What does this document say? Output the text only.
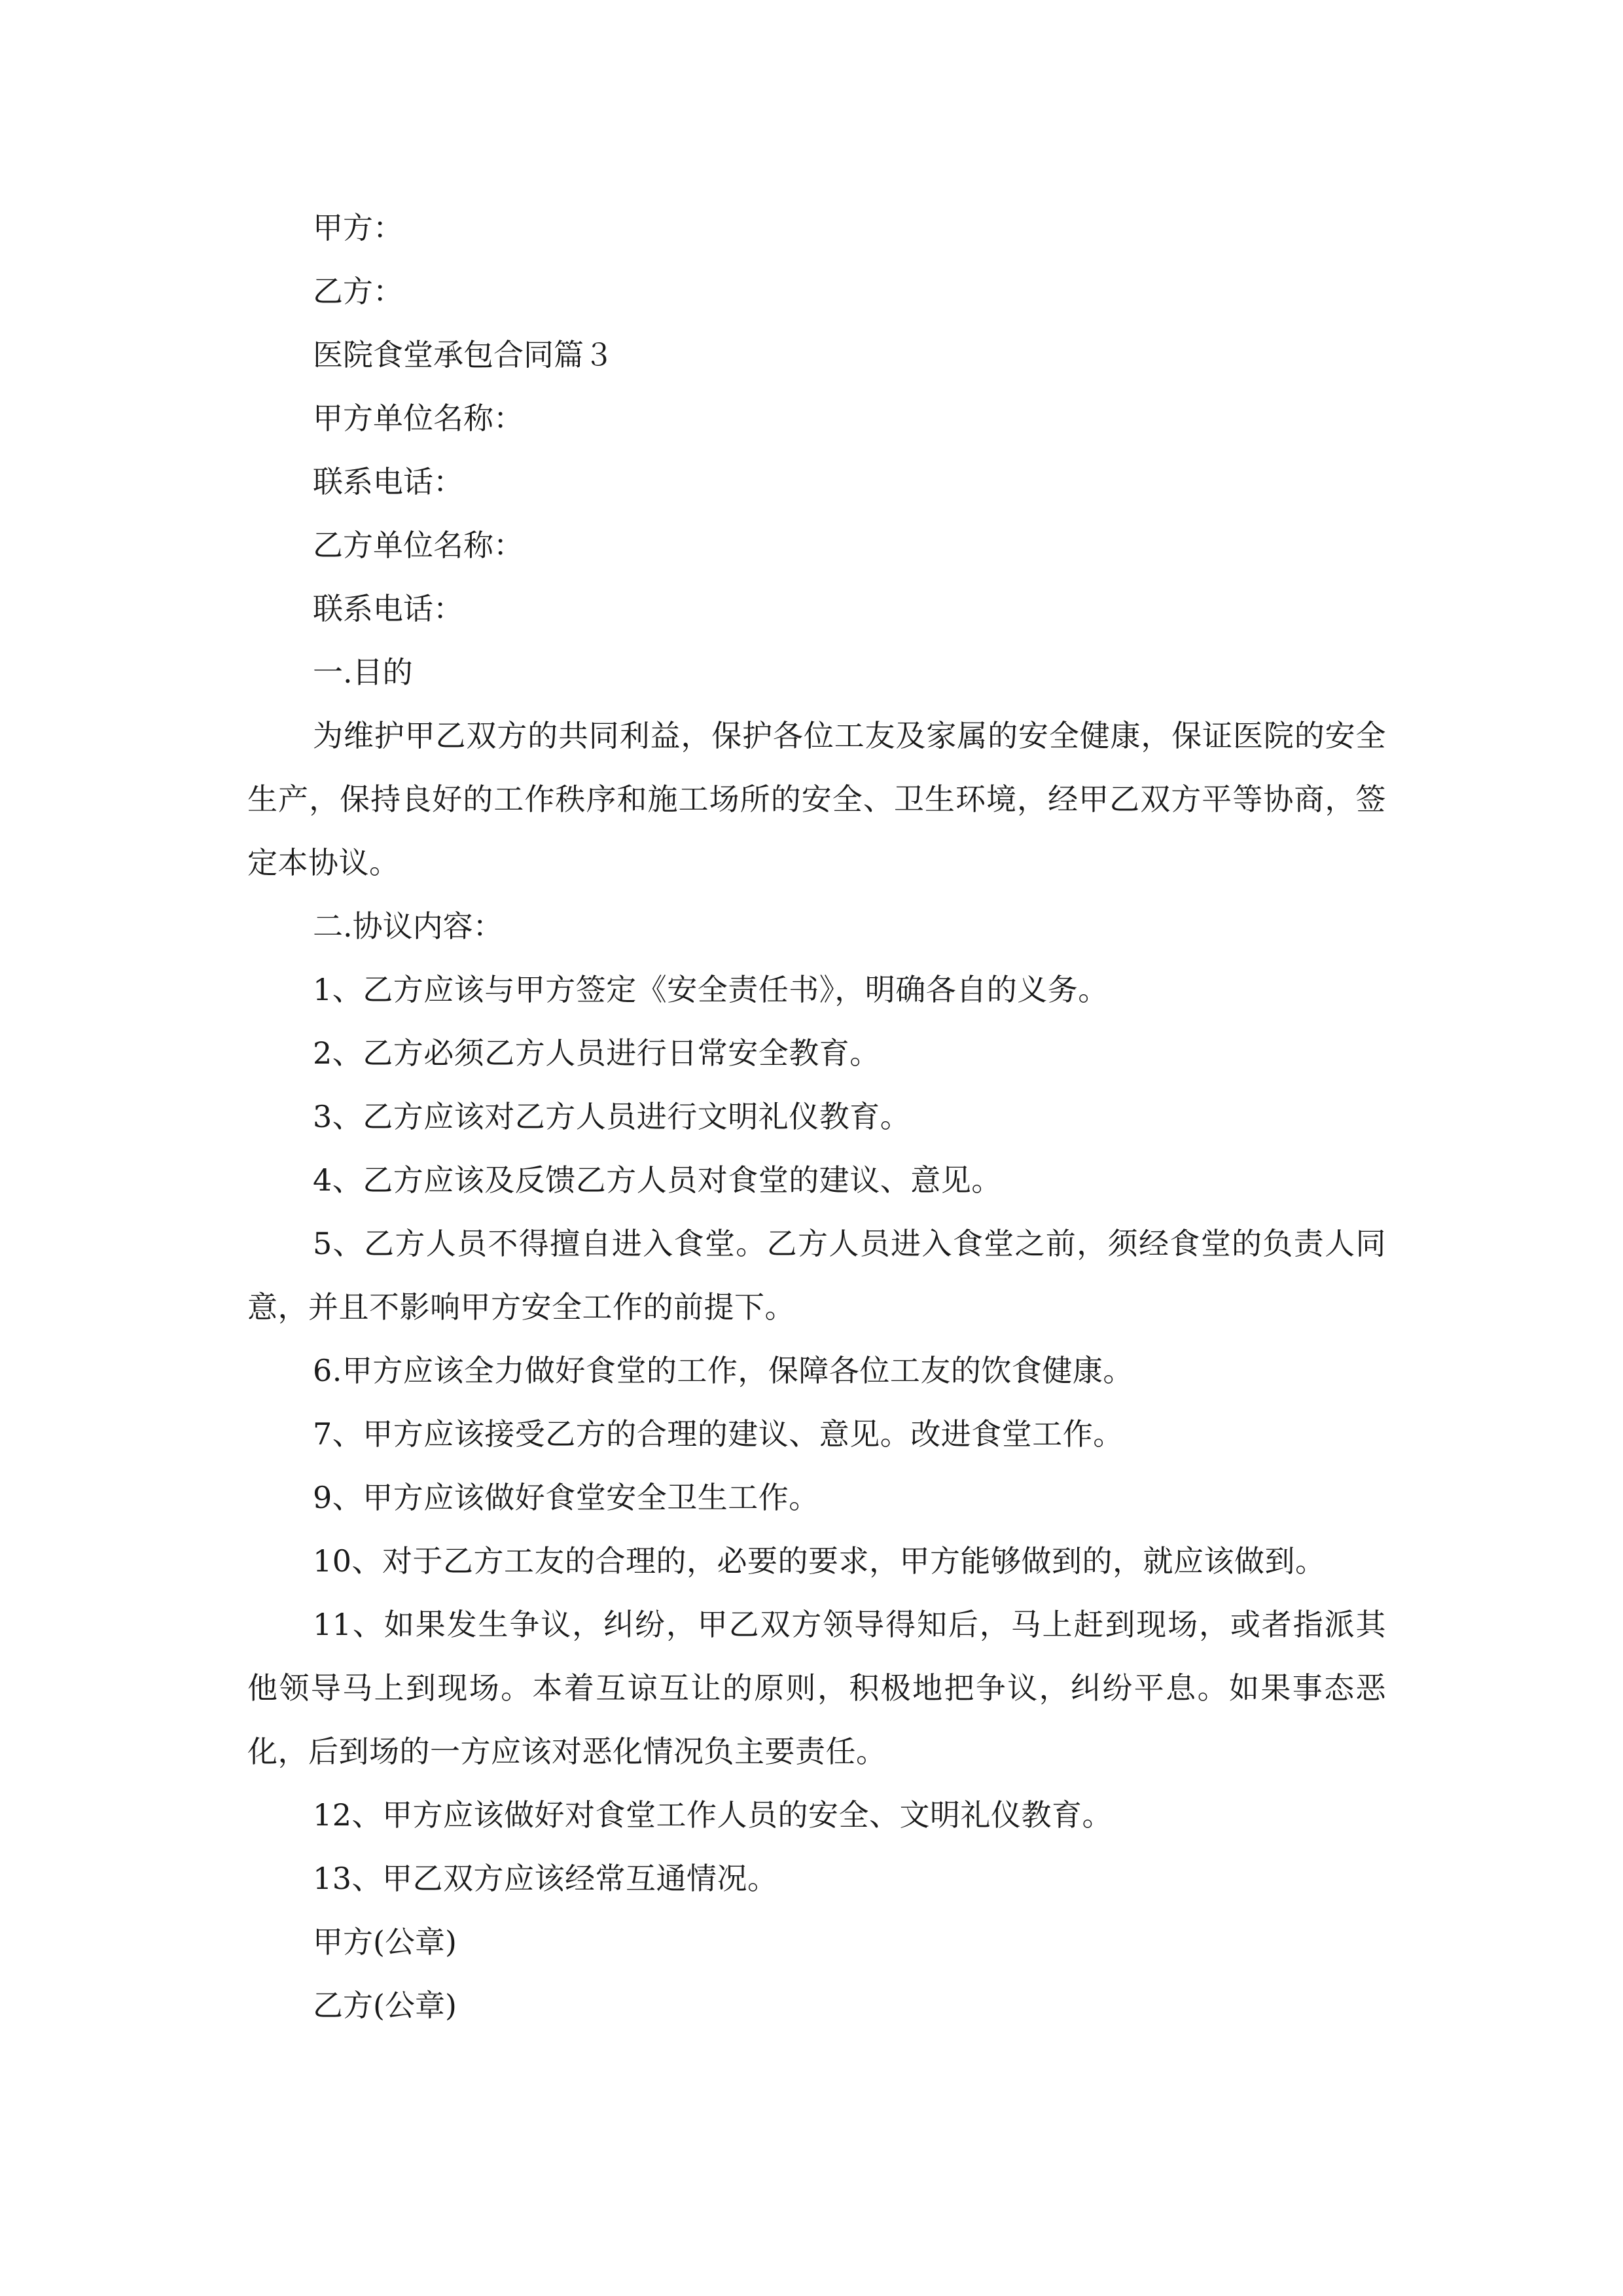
甲方：

乙方：

医院食堂承包合同篇３

甲方单位名称：

联系电话：

乙方单位名称：

联系电话：

一.目的

为维护甲乙双方的共同利益，保护各位工友及家属的安全健康，保证医院的安全生产，保持良好的工作秩序和施工场所的安全、卫生环境，经甲乙双方平等协商，签定本协议。

二.协议内容：

1、乙方应该与甲方签定《安全责任书》，明确各自的义务。

2、乙方必须乙方人员进行日常安全教育。

3、乙方应该对乙方人员进行文明礼仪教育。

4、乙方应该及反馈乙方人员对食堂的建议、意见。

5、乙方人员不得擅自进入食堂。乙方人员进入食堂之前，须经食堂的负责人同意，并且不影响甲方安全工作的前提下。

6.甲方应该全力做好食堂的工作，保障各位工友的饮食健康。

7、甲方应该接受乙方的合理的建议、意见。改进食堂工作。

9、甲方应该做好食堂安全卫生工作。

10、对于乙方工友的合理的，必要的要求，甲方能够做到的，就应该做到。

11、如果发生争议，纠纷，甲乙双方领导得知后，马上赶到现场，或者指派其他领导马上到现场。本着互谅互让的原则，积极地把争议，纠纷平息。如果事态恶化，后到场的一方应该对恶化情况负主要责任。

12、甲方应该做好对食堂工作人员的安全、文明礼仪教育。

13、甲乙双方应该经常互通情况。

甲方(公章)

乙方(公章)
